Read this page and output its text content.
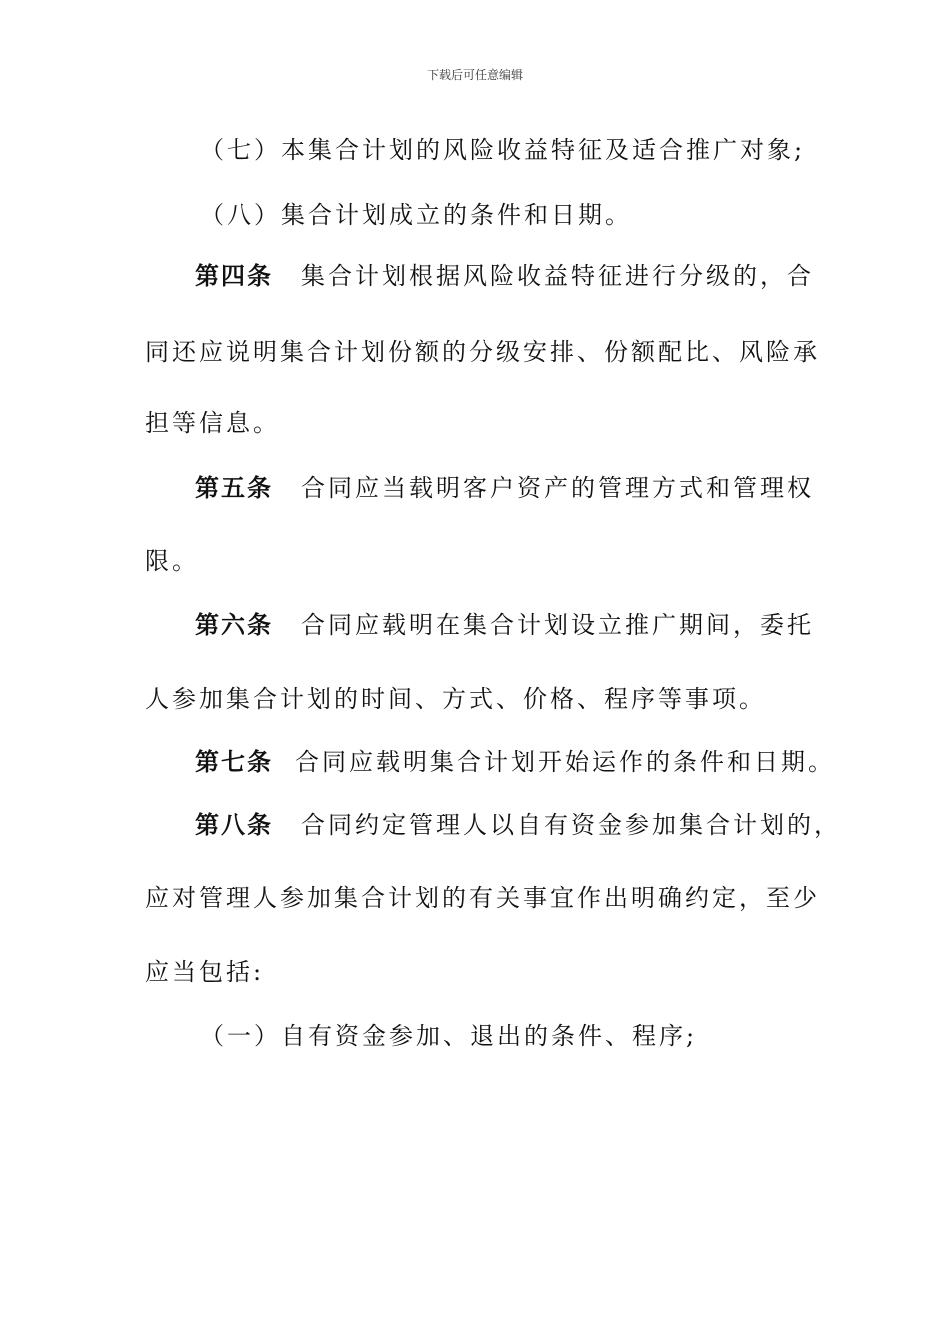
下载后可任意编辑
（七）本集合计划的风险收益特征及适合推广对象;
（八）集合计划成立的条件和日期。
第四条 集合计划根据风险收益特征进行分级的，合
同还应说明集合计划份额的分级安排、份额配比、风险承
担等信息。
第五条 合同应当载明客户资产的管理方式和管理权
限。
第六条 合同应载明在集合计划设立推广期间，委托
人参加集合计划的时间、方式、价格、程序等事项。
第七条 合同应载明集合计划开始运作的条件和日期。
第八条 合同约定管理人以自有资金参加集合计划的，
应对管理人参加集合计划的有关事宜作出明确约定，至少
应当包括:
（一）自有资金参加、退出的条件、程序;
